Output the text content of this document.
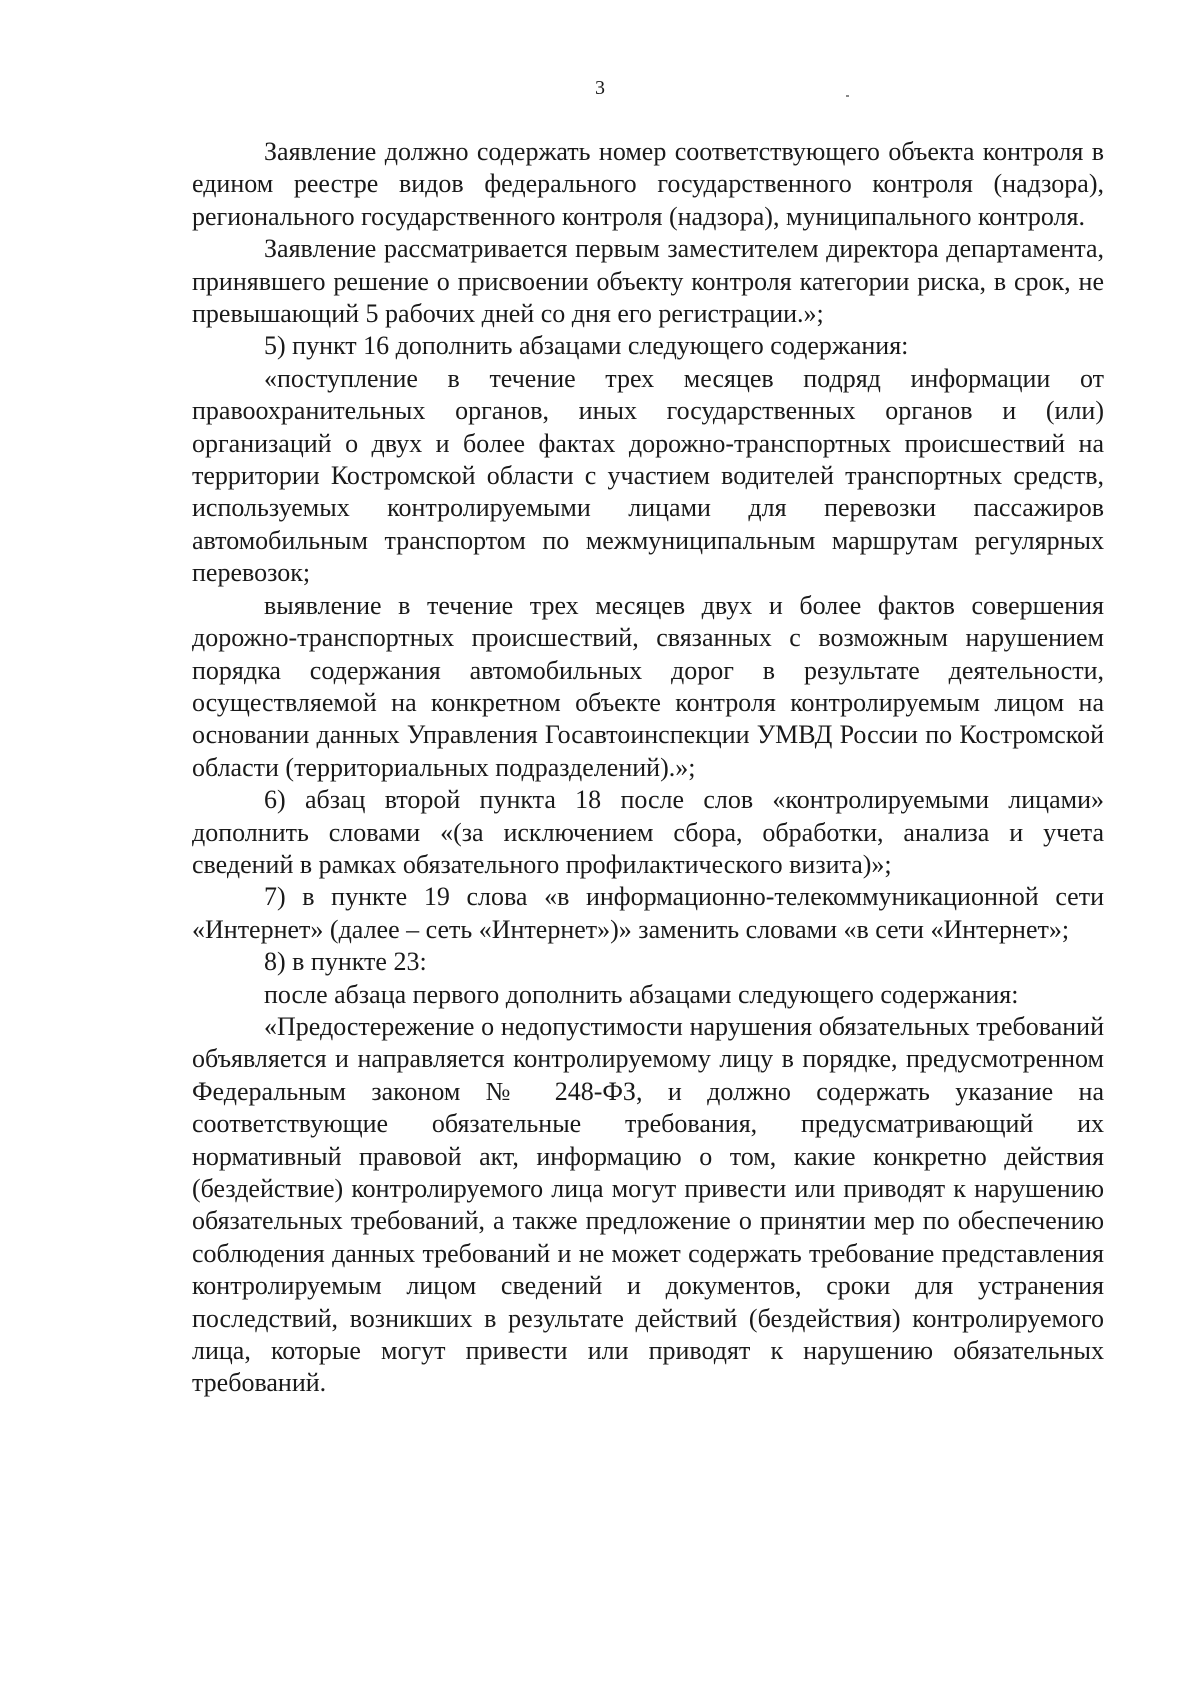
3

Заявление должно содержать номер соответствующего объекта контроля в едином реестре видов федерального государственного контроля (надзора), регионального государственного контроля (надзора), муниципального контроля.

Заявление рассматривается первым заместителем директора департамента, принявшего решение о присвоении объекту контроля категории риска, в срок, не превышающий 5 рабочих дней со дня его регистрации.»;

5) пункт 16 дополнить абзацами следующего содержания:

«поступление в течение трех месяцев подряд информации от правоохранительных органов, иных государственных органов и (или) организаций о двух и более фактах дорожно-транспортных происшествий на территории Костромской области с участием водителей транспортных средств, используемых контролируемыми лицами для перевозки пассажиров автомобильным транспортом по межмуниципальным маршрутам регулярных перевозок;

выявление в течение трех месяцев двух и более фактов совершения дорожно-транспортных происшествий, связанных с возможным нарушением порядка содержания автомобильных дорог в результате деятельности, осуществляемой на конкретном объекте контроля контролируемым лицом на основании данных Управления Госавтоинспекции УМВД России по Костромской области (территориальных подразделений).»;

6) абзац второй пункта 18 после слов «контролируемыми лицами» дополнить словами «(за исключением сбора, обработки, анализа и учета сведений в рамках обязательного профилактического визита)»;

7) в пункте 19 слова «в информационно-телекоммуникационной сети «Интернет» (далее – сеть «Интернет»)» заменить словами «в сети «Интернет»;

8) в пункте 23:

после абзаца первого дополнить абзацами следующего содержания:

«Предостережение о недопустимости нарушения обязательных требований объявляется и направляется контролируемому лицу в порядке, предусмотренном Федеральным законом № 248-ФЗ, и должно содержать указание на соответствующие обязательные требования, предусматривающий их нормативный правовой акт, информацию о том, какие конкретно действия (бездействие) контролируемого лица могут привести или приводят к нарушению обязательных требований, а также предложение о принятии мер по обеспечению соблюдения данных требований и не может содержать требование представления контролируемым лицом сведений и документов, сроки для устранения последствий, возникших в результате действий (бездействия) контролируемого лица, которые могут привести или приводят к нарушению обязательных требований.
